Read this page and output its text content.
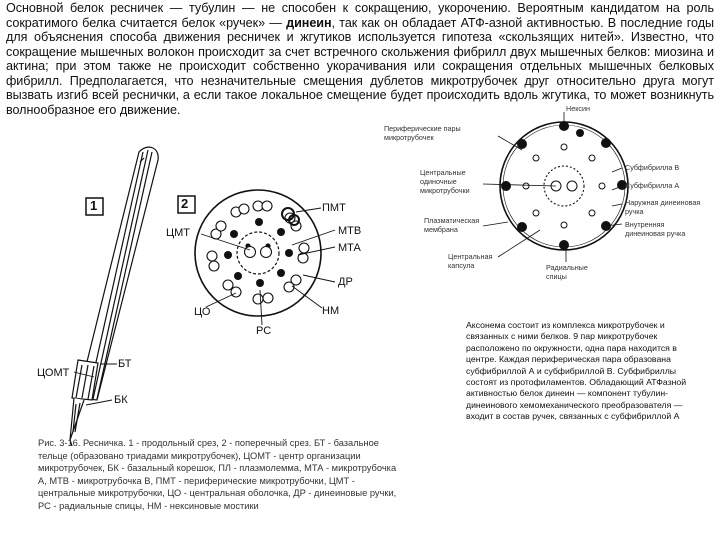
Основной белок ресничек — тубулин — не способен к сокращению, укорочению. Вероятным кандидатом на роль сократимого белка считается белок «ручек» — динеин, так как он обладает АТФ-азной активностью. В последние годы для объяснения способа движения ресничек и жгутиков используется гипотеза «скользящих нитей». Известно, что сокращение мышечных волокон происходит за счет встречного скольжения фибрилл двух мышечных белков: миозина и актина; при этом также не происходит собственно укорачивания или сокращения отдельных мышечных белковых фибрилл. Предполагается, что незначительные смещения дублетов микротрубочек друг относительно друга могут вызвать изгиб всей реснички, а если такое локальное смещение будет происходить вдоль жгутика, то может возникнуть волнообразное его движение.
1	2	ПМТ
ЦМТ	МТВ
МТА
ДР
НМ
ЦО
РС
БТ
ЦОМТ
БК
Рис. 3-16. Ресничка. 1 - продольный срез, 2 - поперечный срез. БТ - базальное тельце (образовано триадами микротрубочек), ЦОМТ - центр организации микротрубочек, БК - базальный корешок, ПЛ - плазмолемма, МТА - микротрубочка А, МТВ - микротрубочка В, ПМТ - периферические микротрубочки, ЦМТ - центральные микротрубочки, ЦО - центральная оболочка, ДР - динеиновые ручки, РС - радиальные спицы, НМ - нексиновые мостики
Нексин
Периферические пары микротрубочек
Центральные одиночные микротрубочки
Плазматическая мембрана
Центральная капсула	Радиальные спицы
Субфибрилла В
Субфибрилла А
Наружная динеиновая ручка
Внутренняя динеиновая ручка
Аксонема состоит из комплекса микротрубочек и связанных с ними белков. 9 пар микротрубочек расположено по окружности, одна пара находится в центре. Каждая периферическая пара образована субфибриллой А и субфибриллой В. Субфибриллы состоят из протофиламентов. Обладающий АТФазной активностью белок динеин — компонент тубулин-динеинового хемомеханического преобразователя — входит в состав ручек, связанных с субфибриллой А
